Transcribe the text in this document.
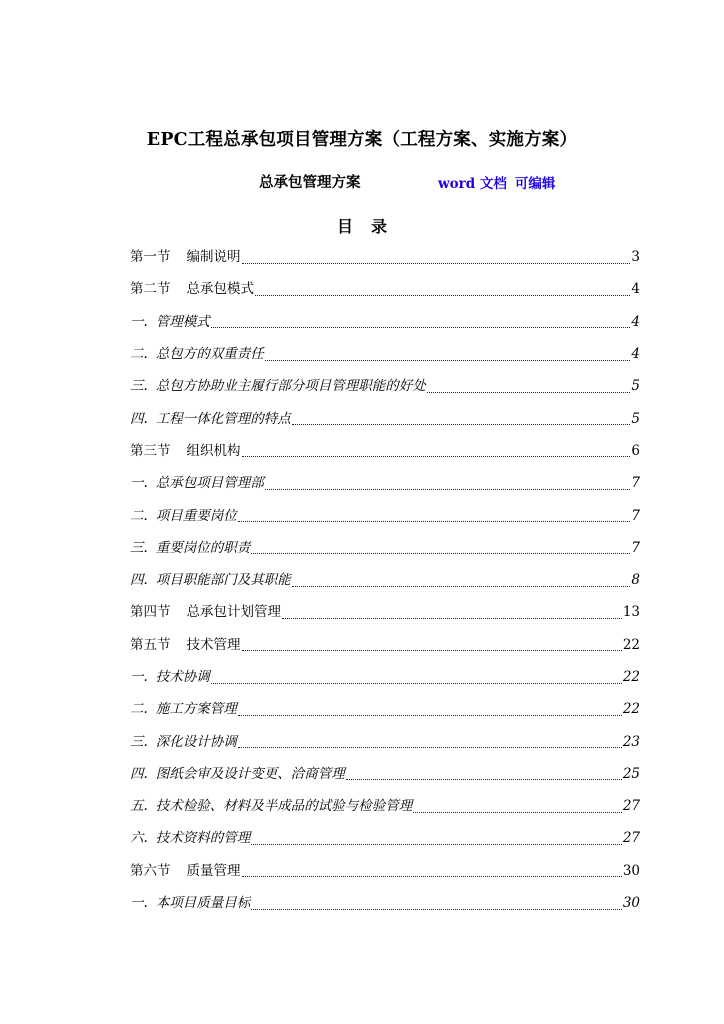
EPC工程总承包项目管理方案（工程方案、实施方案）
总承包管理方案	word 文档 可编辑
目录
第一节 编制说明	3
第二节 总承包模式	4
一. 管理模式	4
二. 总包方的双重责任	4
三. 总包方协助业主履行部分项目管理职能的好处	5
四. 工程一体化管理的特点	5
第三节 组织机构	6
一. 总承包项目管理部	7
二. 项目重要岗位	7
三. 重要岗位的职责	7
四. 项目职能部门及其职能	8
第四节 总承包计划管理	13
第五节 技术管理	22
一. 技术协调	22
二. 施工方案管理	22
三. 深化设计协调	23
四. 图纸会审及设计变更、洽商管理	25
五. 技术检验、材料及半成品的试验与检验管理	27
六. 技术资料的管理	27
第六节 质量管理	30
一. 本项目质量目标	30
